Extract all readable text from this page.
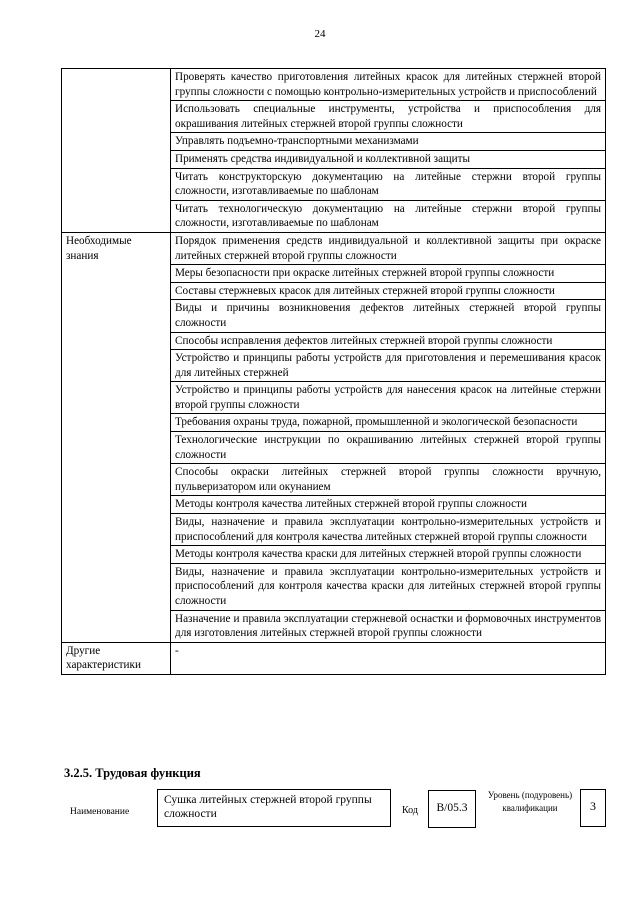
24
	Проверять качество приготовления литейных красок для литейных стержней второй группы сложности с помощью контрольно-измерительных устройств и приспособлений
	Использовать специальные инструменты, устройства и приспособления для окрашивания литейных стержней второй группы сложности
	Управлять подъемно-транспортными механизмами
	Применять средства индивидуальной и коллективной защиты
	Читать конструкторскую документацию на литейные стержни второй группы сложности, изготавливаемые по шаблонам
	Читать технологическую документацию на литейные стержни второй группы сложности, изготавливаемые по шаблонам
Необходимые знания	Порядок применения средств индивидуальной и коллективной защиты при окраске литейных стержней второй группы сложности
	Меры безопасности при окраске литейных стержней второй группы сложности
	Составы стержневых красок для литейных стержней второй группы сложности
	Виды и причины возникновения дефектов литейных стержней второй группы сложности
	Способы исправления дефектов литейных стержней второй группы сложности
	Устройство и принципы работы устройств для приготовления и перемешивания красок для литейных стержней
	Устройство и принципы работы устройств для нанесения красок на литейные стержни второй группы сложности
	Требования охраны труда, пожарной, промышленной и экологической безопасности
	Технологические инструкции по окрашиванию литейных стержней второй группы сложности
	Способы окраски литейных стержней второй группы сложности вручную, пульверизатором или окунанием
	Методы контроля качества литейных стержней второй группы сложности
	Виды, назначение и правила эксплуатации контрольно-измерительных устройств и приспособлений для контроля качества литейных стержней второй группы сложности
	Методы контроля качества краски для литейных стержней второй группы сложности
	Виды, назначение и правила эксплуатации контрольно-измерительных устройств и приспособлений для контроля качества краски для литейных стержней второй группы сложности
	Назначение и правила эксплуатации стержневой оснастки и формовочных инструментов для изготовления литейных стержней второй группы сложности
Другие характеристики	-
3.2.5. Трудовая функция
Наименование
Сушка литейных стержней второй группы сложности	Код	B/05.3
Уровень (подуровень) квалификации	3
